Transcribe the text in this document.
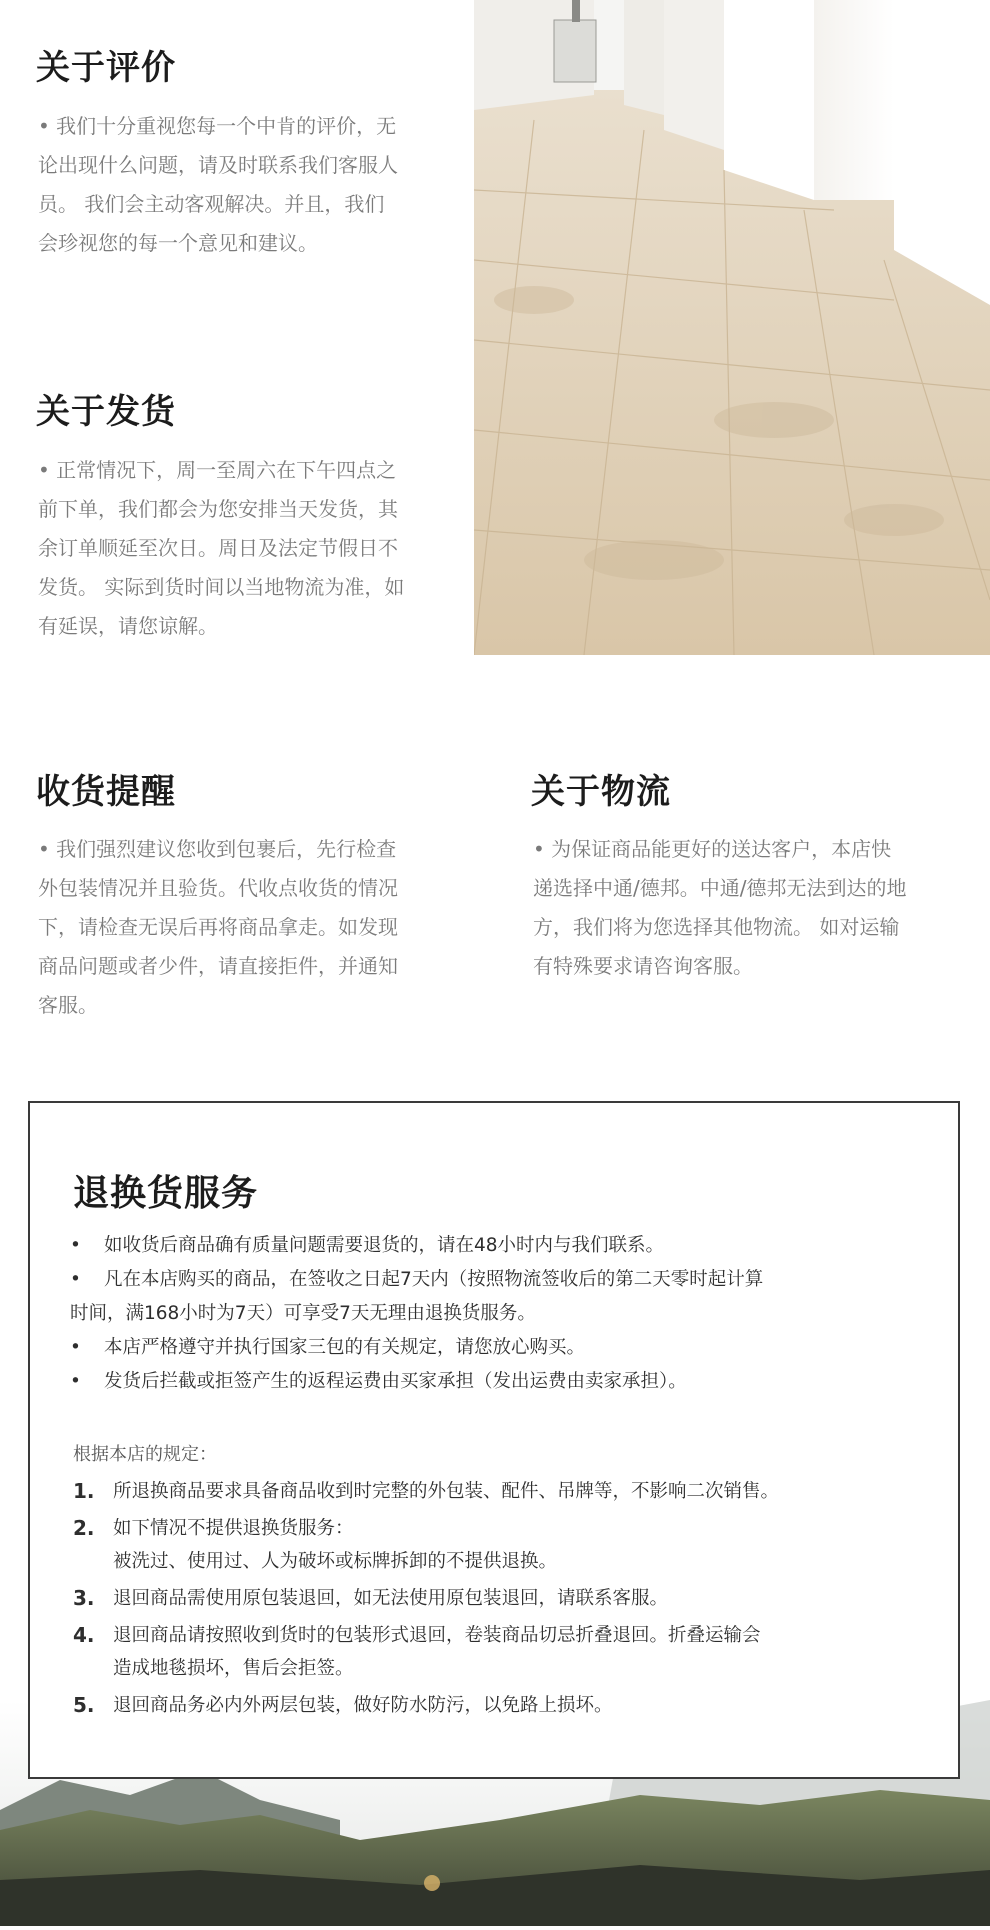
关于评价

• 我们十分重视您每一个中肯的评价，无

论出现什么问题，请及时联系我们客服人

员。 我们会主动客观解决。并且，我们

会珍视您的每一个意见和建议。

关于发货

• 正常情况下，周一至周六在下午四点之

前下单，我们都会为您安排当天发货，其

余订单顺延至次日。周日及法定节假日不

发货。 实际到货时间以当地物流为准，如

有延误，请您谅解。

收货提醒

• 我们强烈建议您收到包裹后，先行检查

外包装情况并且验货。代收点收货的情况

下，请检查无误后再将商品拿走。如发现

商品问题或者少件，请直接拒件，并通知

客服。

关于物流

• 为保证商品能更好的送达客户，本店快

递选择中通/德邦。中通/德邦无法到达的地

方，我们将为您选择其他物流。 如对运输

有特殊要求请咨询客服。

退换货服务
• 如收货后商品确有质量问题需要退货的，请在48小时内与我们联系。
• 凡在本店购买的商品，在签收之日起7天内（按照物流签收后的第二天零时起计算
时间，满168小时为7天）可享受7天无理由退换货服务。
• 本店严格遵守并执行国家三包的有关规定，请您放心购买。
• 发货后拦截或拒签产生的返程运费由买家承担（发出运费由卖家承担）。

根据本店的规定：

1. 所退换商品要求具备商品收到时完整的外包装、配件、吊牌等，不影响二次销售。
2. 如下情况不提供退换货服务：
被洗过、使用过、人为破坏或标牌拆卸的不提供退换。
3. 退回商品需使用原包装退回，如无法使用原包装退回，请联系客服。
4. 退回商品请按照收到货时的包装形式退回，卷装商品切忌折叠退回。折叠运输会
造成地毯损坏，售后会拒签。
5. 退回商品务必内外两层包装，做好防水防污，以免路上损坏。
